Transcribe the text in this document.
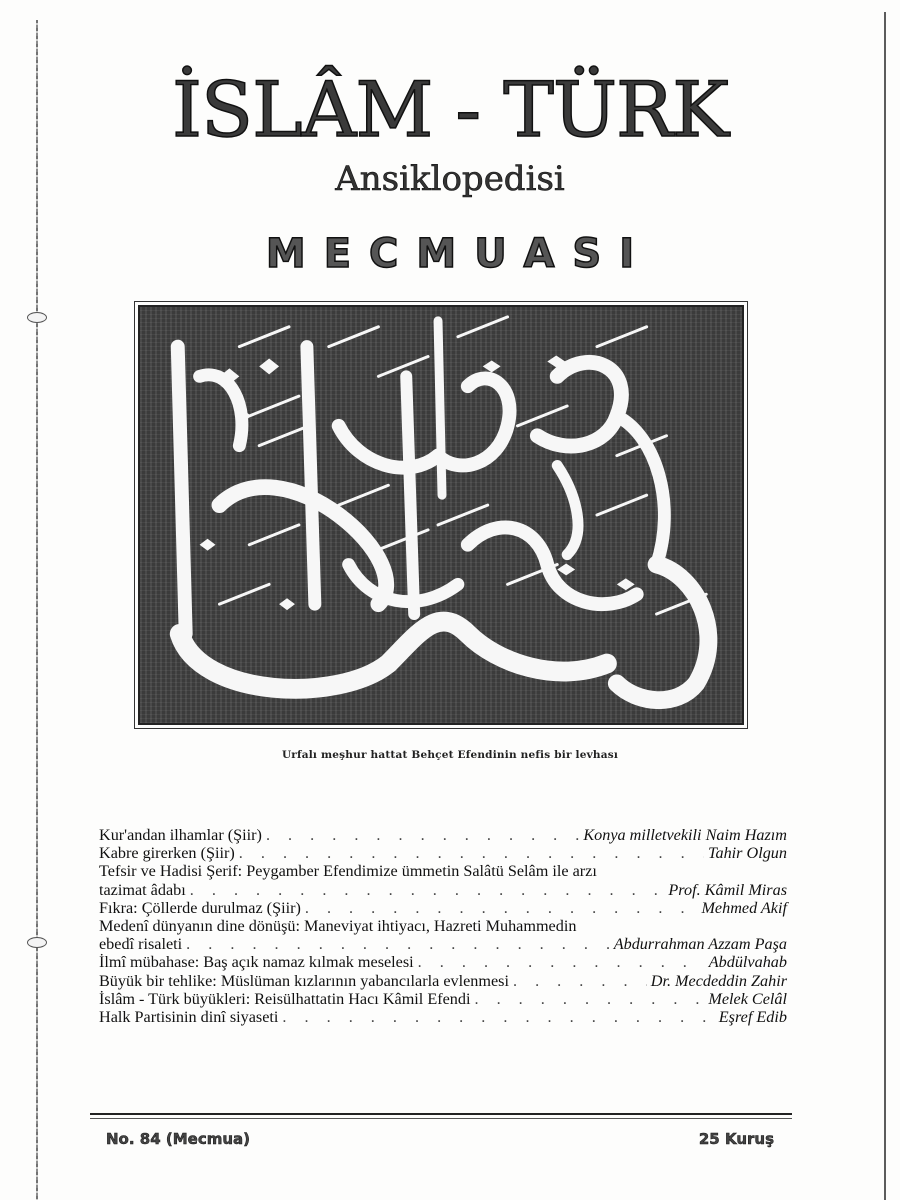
İSLÂM - TÜRK
Ansiklopedisi
MECMUASI
Urfalı meşhur hattat Behçet Efendinin nefis bir levhası
Kur'andan ilhamlar (Şiir) . . .	Konya milletvekili Naim Hazım
Kabre girerken (Şiir) . . .	Tahir Olgun
Tefsir ve Hadisi Şerif: Peygamber Efendimize ümmetin Salâtü Selâm ile arzı
tazimat âdabı . . .	Prof. Kâmil Miras
Fıkra: Çöllerde durulmaz (Şiir) . . .	Mehmed Akif
Medenî dünyanın dine dönüşü: Maneviyat ihtiyacı, Hazreti Muhammedin
ebedî risaleti . . .	Abdurrahman Azzam Paşa
İlmî mübahase: Baş açık namaz kılmak meselesi . . .	Abdülvahab
Büyük bir tehlike: Müslüman kızlarının yabancılarla evlenmesi . . .	Dr. Mecdeddin Zahir
İslâm - Türk büyükleri: Reisülhattatin Hacı Kâmil Efendi . . .	Melek Celâl
Halk Partisinin dinî siyaseti . . .	Eşref Edib
No. 84 (Mecmua)	25 Kuruş
